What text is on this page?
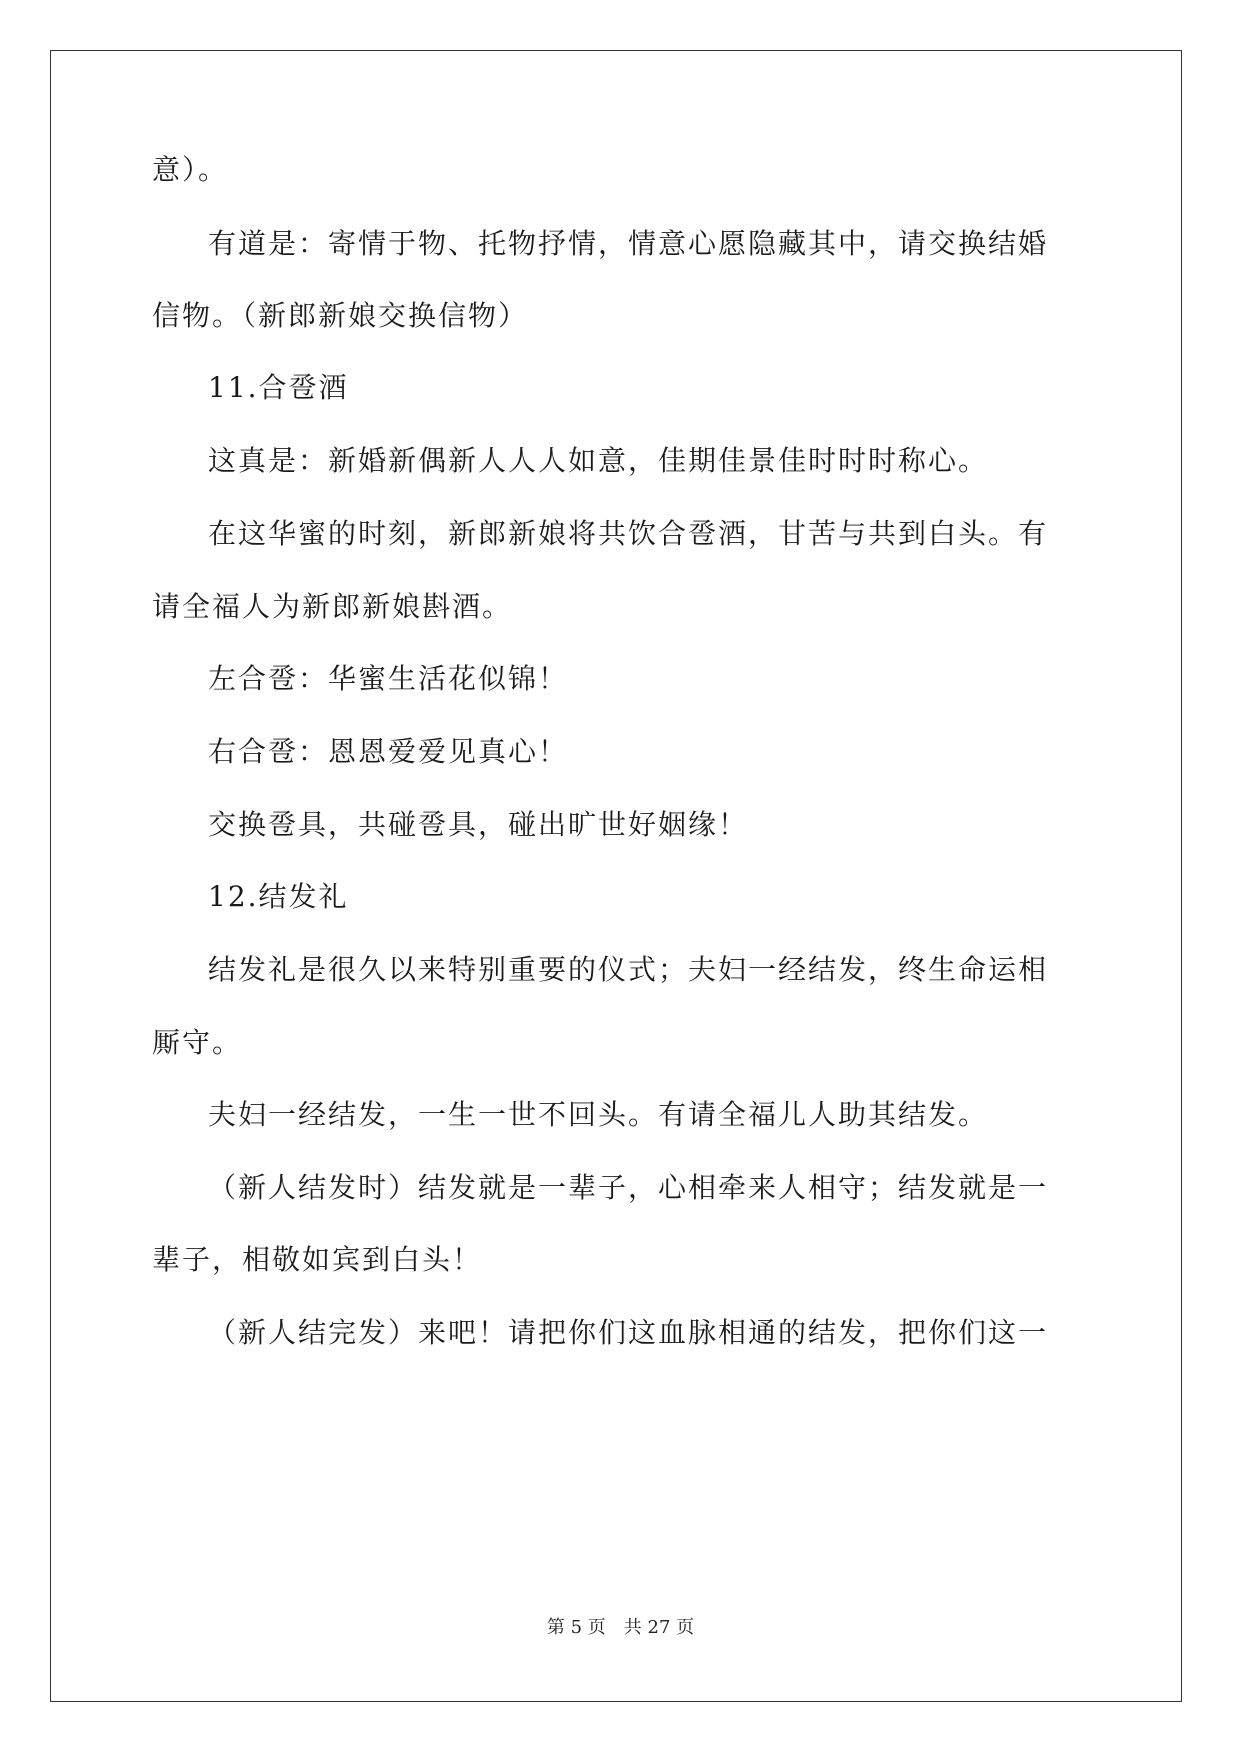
意）。
有道是：寄情于物、托物抒情，情意心愿隐藏其中，请交换结婚
信物。（新郎新娘交换信物）
11.合卺酒
这真是：新婚新偶新人人人如意，佳期佳景佳时时时称心。
在这华蜜的时刻，新郎新娘将共饮合卺酒，甘苦与共到白头。有
请全福人为新郎新娘斟酒。
左合卺：华蜜生活花似锦！
右合卺：恩恩爱爱见真心！
交换卺具，共碰卺具，碰出旷世好姻缘！
12.结发礼
结发礼是很久以来特别重要的仪式；夫妇一经结发，终生命运相
厮守。
夫妇一经结发，一生一世不回头。有请全福儿人助其结发。
（新人结发时）结发就是一辈子，心相牵来人相守；结发就是一
辈子，相敬如宾到白头！
（新人结完发）来吧！请把你们这血脉相通的结发，把你们这一
第 5 页　共 27 页
